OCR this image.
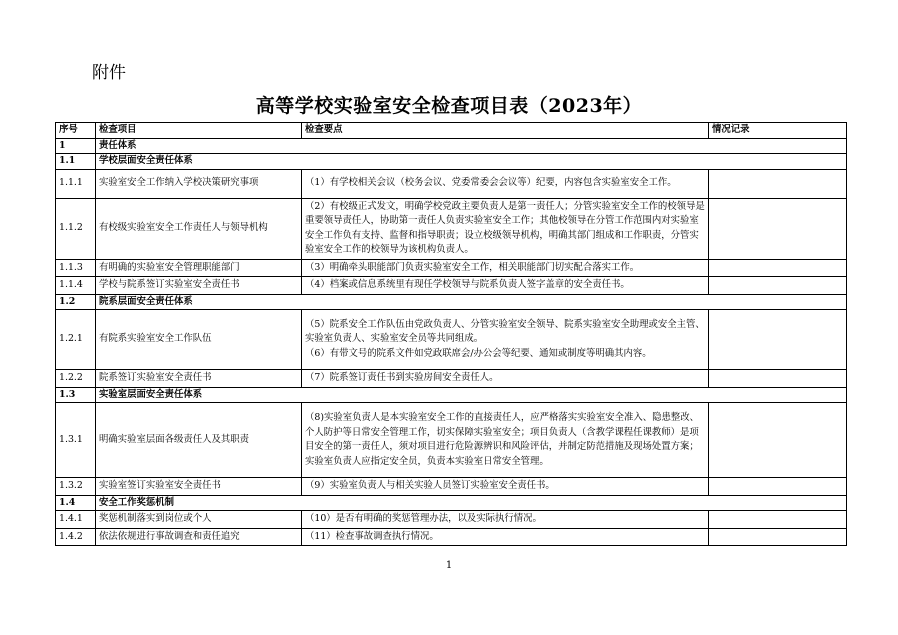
附件
高等学校实验室安全检查项目表（2023年）
序号	检查项目	检查要点	情况记录
1	责任体系		
1.1	学校层面安全责任体系		
1.1.1	实验室安全工作纳入学校决策研究事项	（1）有学校相关会议（校务会议、党委常委会会议等）纪要，内容包含实验室安全工作。	

1.1.2	有校级实验室安全工作责任人与领导机构	（2）有校级正式发文，明确学校党政主要负责人是第一责任人；分管实验室安全工作的校领导是重要领导责任人，协助第一责任人负责实验室安全工作；其他校领导在分管工作范围内对实验室安全工作负有支持、监督和指导职责；设立校级领导机构，明确其部门组成和工作职责，分管实验室安全工作的校领导为该机构负责人。	

1.1.3	有明确的实验室安全管理职能部门	（3）明确牵头职能部门负责实验室安全工作，相关职能部门切实配合落实工作。	

1.1.4	学校与院系签订实验室安全责任书	（4）档案或信息系统里有现任学校领导与院系负责人签字盖章的安全责任书。	

1.2	院系层面安全责任体系		
1.2.1	有院系实验室安全工作队伍	（5）院系安全工作队伍由党政负责人、分管实验室安全领导、院系实验室安全助理或安全主管、实验室负责人、实验室安全员等共同组成。
（6）有带文号的院系文件如党政联席会/办公会等纪要、通知或制度等明确其内容。	

1.2.2	院系签订实验室安全责任书	（7）院系签订责任书到实验房间安全责任人。	

1.3	实验室层面安全责任体系		
1.3.1	明确实验室层面各级责任人及其职责	（8)实验室负责人是本实验室安全工作的直接责任人，应严格落实实验室安全准入、隐患整改、个人防护等日常安全管理工作，切实保障实验室安全；项目负责人（含教学课程任课教师）是项目安全的第一责任人，须对项目进行危险源辨识和风险评估，并制定防范措施及现场处置方案；实验室负责人应指定安全员，负责本实验室日常安全管理。	

1.3.2	实验室签订实验室安全责任书	（9）实验室负责人与相关实验人员签订实验室安全责任书。	

1.4	安全工作奖惩机制		
1.4.1	奖惩机制落实到岗位或个人	（10）是否有明确的奖惩管理办法，以及实际执行情况。	

1.4.2	依法依规进行事故调查和责任追究	（11）检查事故调查执行情况。	

1
